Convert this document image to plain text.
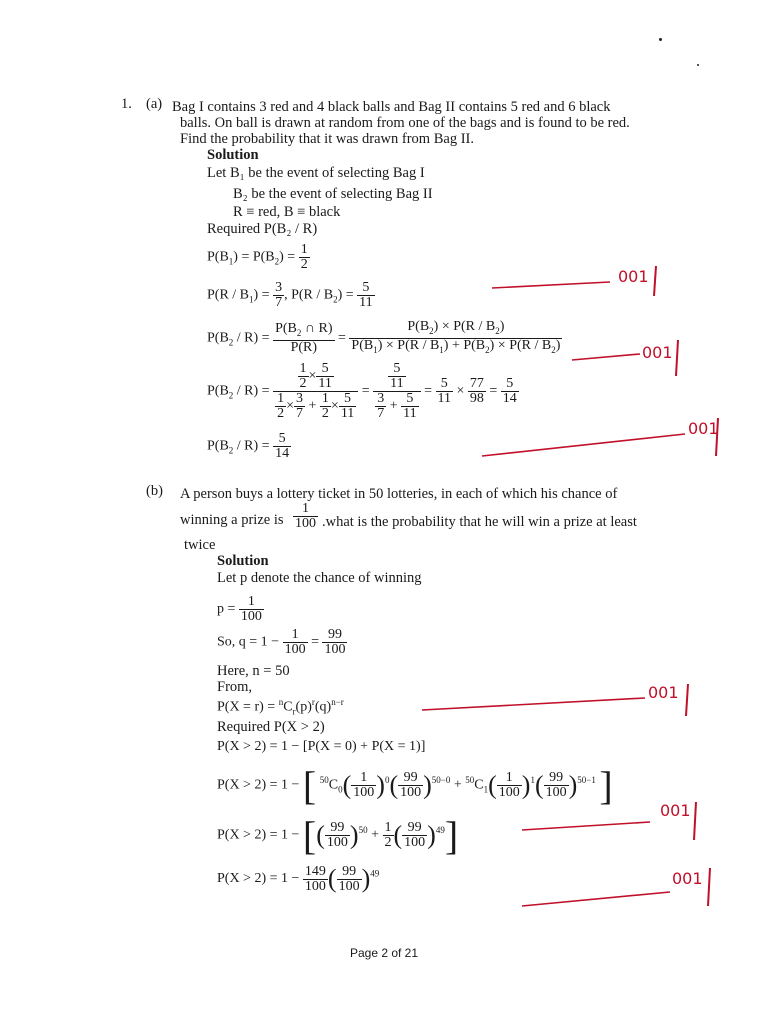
1. (a) Bag I contains 3 red and 4 black balls and Bag II contains 5 red and 6 black
balls. On ball is drawn at random from one of the bags and is found to be red.
Find the probability that it was drawn from Bag II.
Solution
Let B₁ be the event of selecting Bag I
B₂ be the event of selecting Bag II
R ≡ red, B ≡ black
Required P(B₂ / R)
$P(B_1) = P(B_2) = \frac{1}{2}$
$P(R / B_1) = \frac{3}{7}$ , $P(R / B_2) = \frac{5}{11}$
$P(B_2 / R) = \frac{P(B_2 \cap R)}{P(R)} = \frac{P(B_2) \times P(R / B_2)}{P(B_1) \times P(R / B_1) + P(B_2) \times P(R / B_2)}$
$P(B_2 / R) = \frac{\frac{1}{2} \times \frac{5}{11}}{\frac{1}{2} \times \frac{3}{7} + \frac{1}{2} \times \frac{5}{11}} = \frac{\frac{5}{11}}{\frac{3}{7} + \frac{5}{11}} = \frac{5}{11} \times \frac{77}{98} = \frac{5}{14}$
$P(B_2 / R) = \frac{5}{14}$
(b) A person buys a lottery ticket in 50 lotteries, in each of which his chance of
winning a prize is $\frac{1}{100}$ .what is the probability that he will win a prize at least
twice
Solution
Let p denote the chance of winning
$p = \frac{1}{100}$
So, $q = 1 - \frac{1}{100} = \frac{99}{100}$
Here, n = 50
From,
$P(X = r) = ^nC_r(p)^r(q)^{n-r}$
Required P(X > 2)
P(X > 2) = 1 − [P(X = 0) + P(X = 1)]
P(X > 2) = 1 − [ $^{50}C_0( \frac{1}{100} )^0( \frac{99}{100} )^{50-0} + ^{50}C_1( \frac{1}{100} )^1( \frac{99}{100} )^{50-1}$ ]
P(X > 2) = 1 − [( $\frac{99}{100} )^{50} + \frac{1}{2}$ ( $\frac{99}{100} )^{49}$]
$P(X > 2) = 1 - \frac{149}{100}$ ( $\frac{99}{100} )^{49}$
001
001
001
001
001
001
Page 2 of 21
